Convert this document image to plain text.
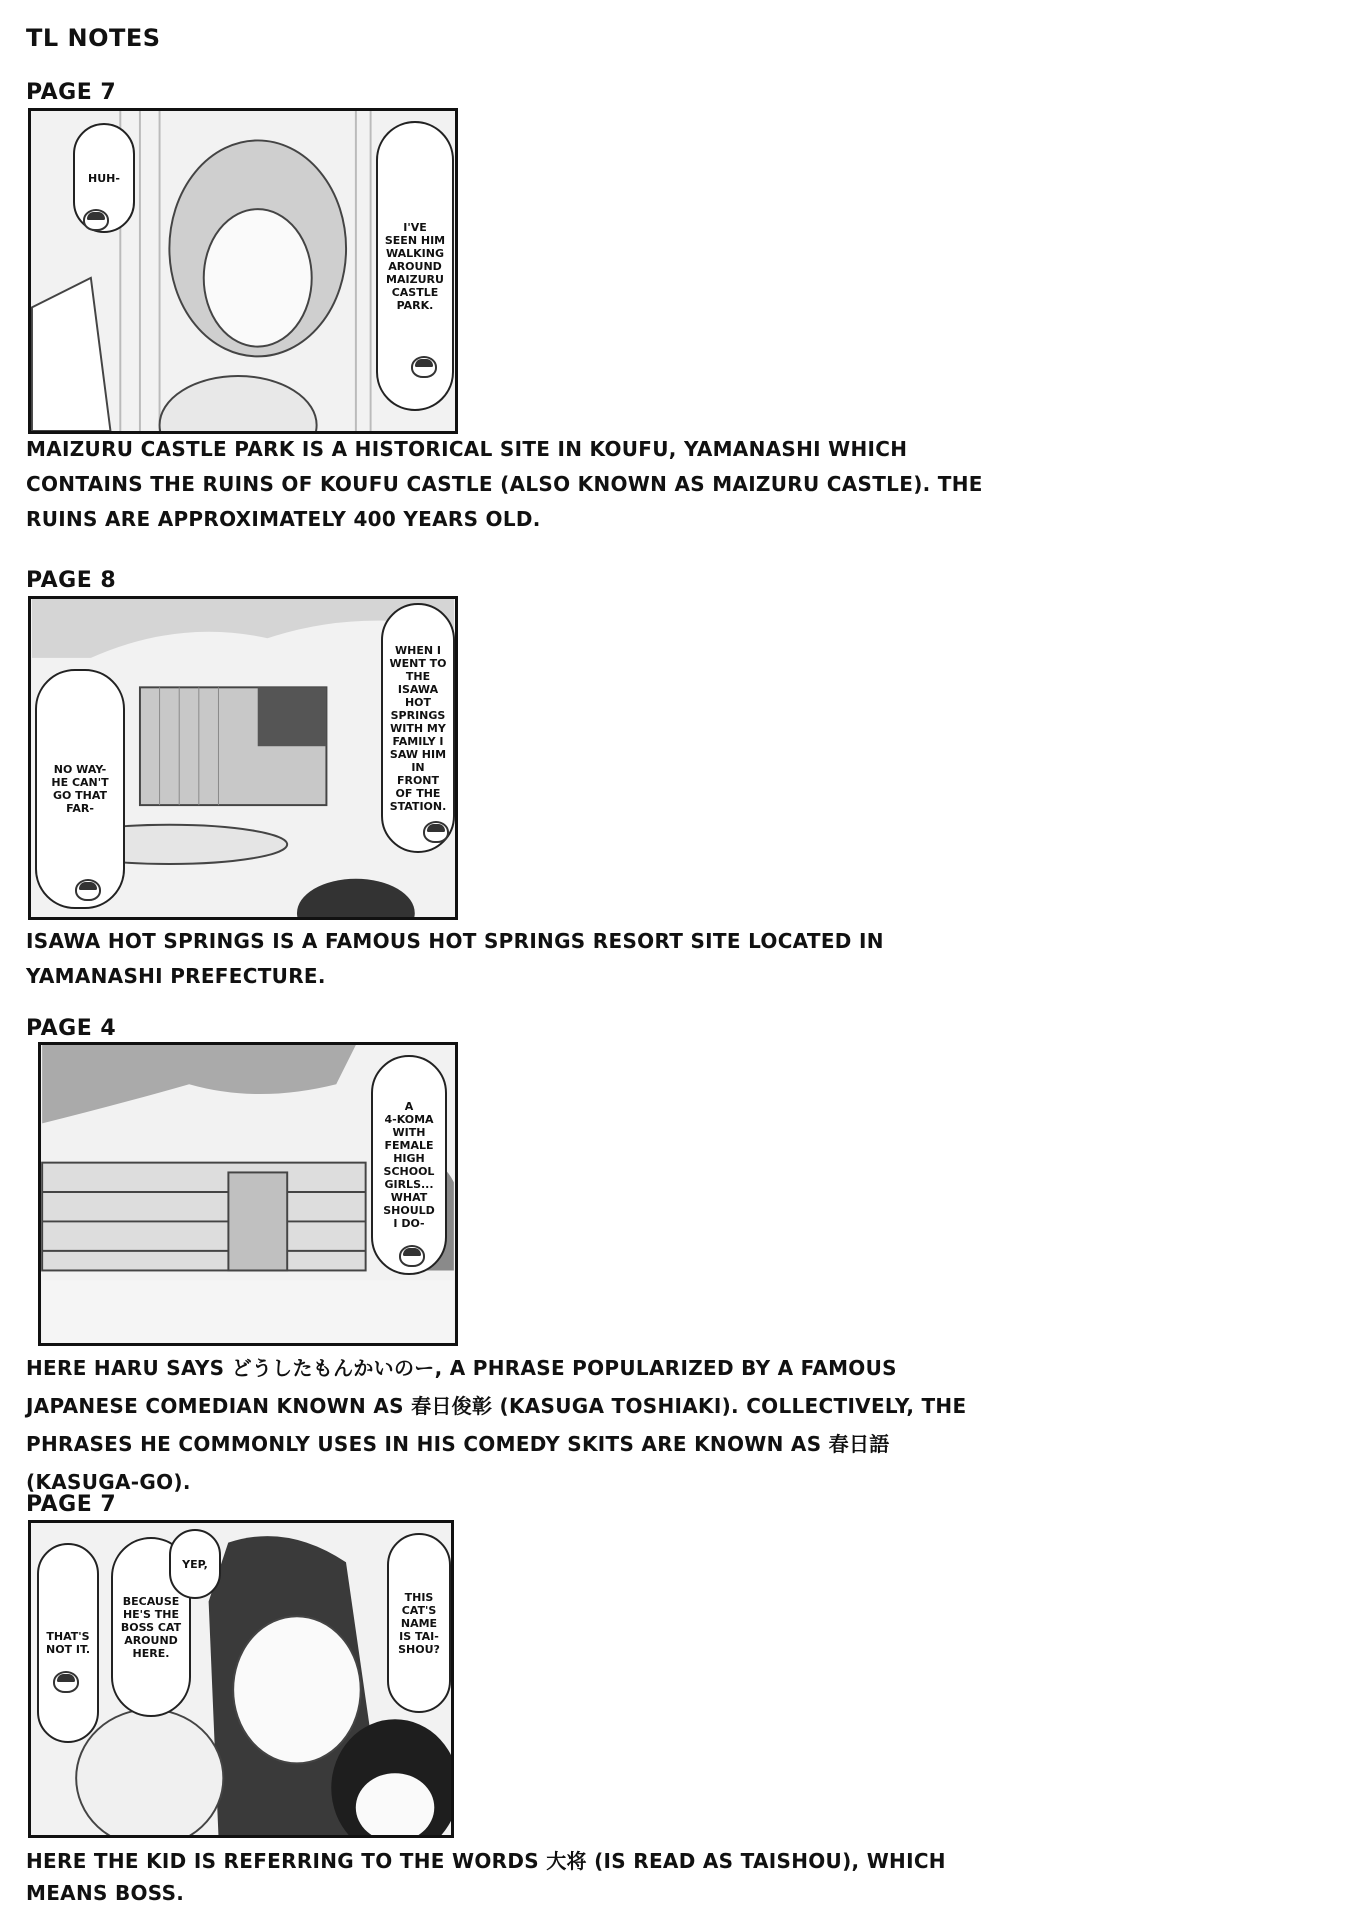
TL NOTES
PAGE 7
HUH-
I'VE
SEEN HIM
WALKING
AROUND
MAIZURU
CASTLE
PARK.
MAIZURU CASTLE PARK IS A HISTORICAL SITE IN KOUFU, YAMANASHI WHICH CONTAINS THE RUINS OF KOUFU CASTLE (ALSO KNOWN AS MAIZURU CASTLE). THE RUINS ARE APPROXIMATELY 400 YEARS OLD.
PAGE 8
NO WAY-
HE CAN'T
GO THAT
FAR-
WHEN I
WENT TO
THE
ISAWA
HOT
SPRINGS
WITH MY
FAMILY I
SAW HIM
IN
FRONT
OF THE
STATION.
ISAWA HOT SPRINGS IS A FAMOUS HOT SPRINGS RESORT SITE LOCATED IN YAMANASHI PREFECTURE.
PAGE 4
A
4-KOMA
WITH
FEMALE
HIGH
SCHOOL
GIRLS...
WHAT
SHOULD
I DO-
HERE HARU SAYS どうしたもんかいのー, A PHRASE POPULARIZED BY A FAMOUS JAPANESE COMEDIAN KNOWN AS 春日俊彰 (KASUGA TOSHIAKI). COLLECTIVELY, THE PHRASES HE COMMONLY USES IN HIS COMEDY SKITS ARE KNOWN AS 春日語 (KASUGA-GO).
PAGE 7
THAT'S
NOT IT.
BECAUSE
HE'S THE
BOSS CAT
AROUND
HERE.
YEP,
THIS
CAT'S
NAME
IS TAI-
SHOU?
HERE THE KID IS REFERRING TO THE WORDS 大将 (IS READ AS TAISHOU), WHICH MEANS BOSS.
